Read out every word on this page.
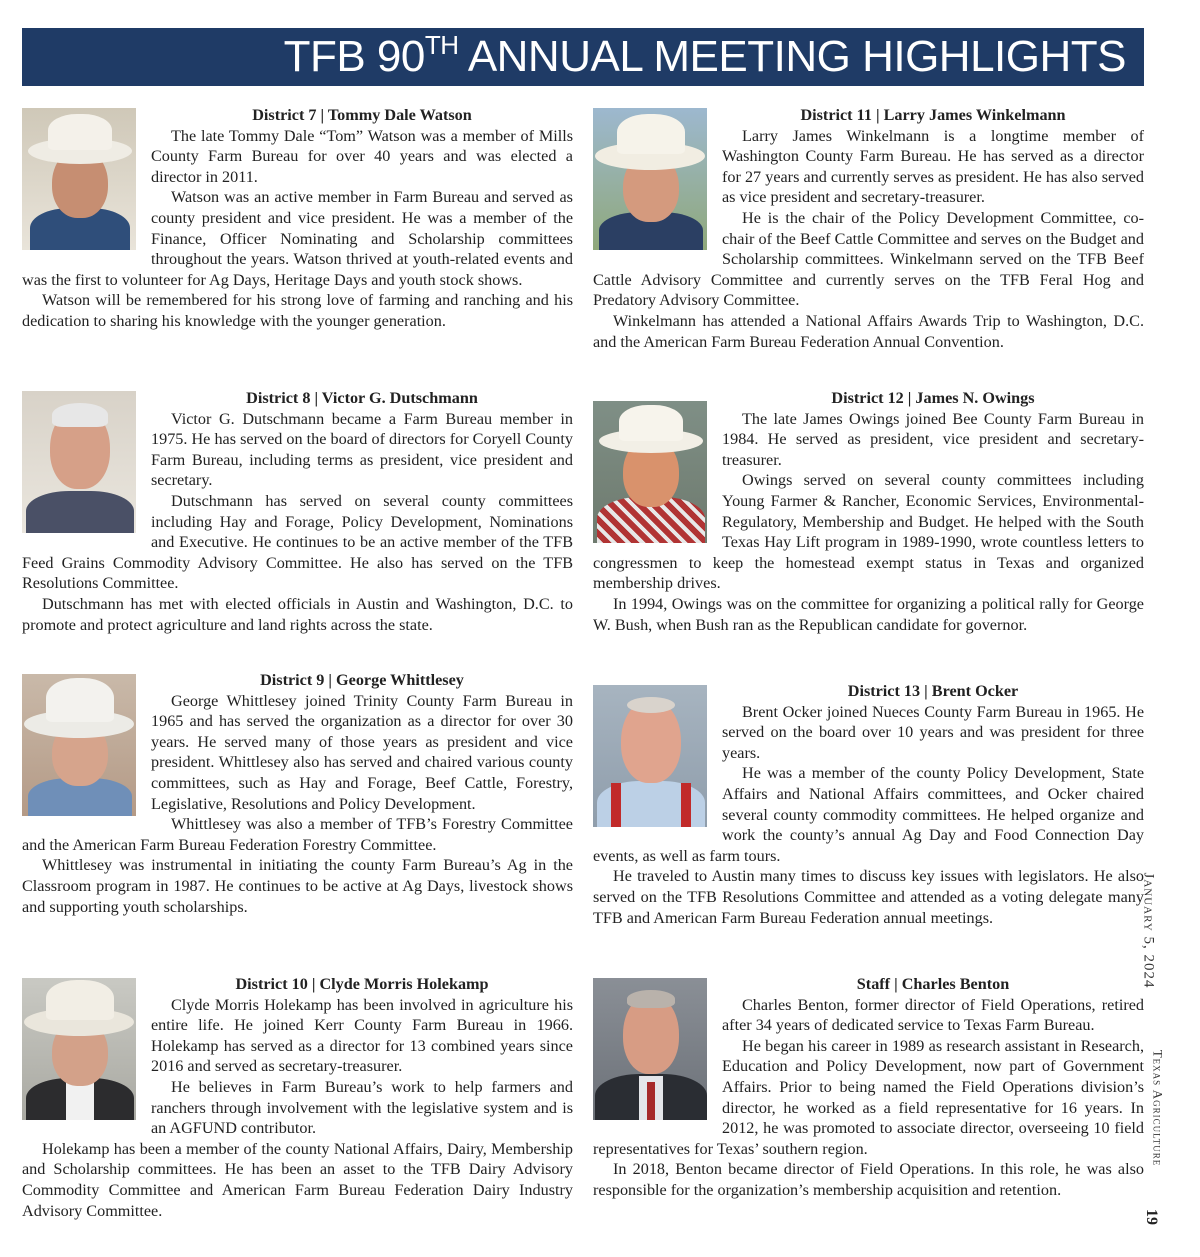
TFB 90TH ANNUAL MEETING HIGHLIGHTS
District 7 | Tommy Dale Watson

The late Tommy Dale “Tom” Watson was a member of Mills County Farm Bureau for over 40 years and was elected a director in 2011.

Watson was an active member in Farm Bureau and served as county president and vice president. He was a member of the Finance, Officer Nominating and Scholarship committees throughout the years. Watson thrived at youth-related events and was the first to volunteer for Ag Days, Heritage Days and youth stock shows.

Watson will be remembered for his strong love of farming and ranching and his dedication to sharing his knowledge with the younger generation.

District 11 | Larry James Winkelmann

Larry James Winkelmann is a longtime member of Washington County Farm Bureau. He has served as a director for 27 years and currently serves as president. He has also served as vice president and secretary-treasurer.

He is the chair of the Policy Development Committee, co-chair of the Beef Cattle Committee and serves on the Budget and Scholarship committees. Winkelmann served on the TFB Beef Cattle Advisory Committee and currently serves on the TFB Feral Hog and Predatory Advisory Committee.

Winkelmann has attended a National Affairs Awards Trip to Washington, D.C. and the American Farm Bureau Federation Annual Convention.

District 8 | Victor G. Dutschmann

Victor G. Dutschmann became a Farm Bureau member in 1975. He has served on the board of directors for Coryell County Farm Bureau, including terms as president, vice president and secretary.

Dutschmann has served on several county committees including Hay and Forage, Policy Development, Nominations and Executive. He continues to be an active member of the TFB Feed Grains Commodity Advisory Committee. He also has served on the TFB Resolutions Committee.

Dutschmann has met with elected officials in Austin and Washington, D.C. to promote and protect agriculture and land rights across the state.

District 12 | James N. Owings

The late James Owings joined Bee County Farm Bureau in 1984. He served as president, vice president and secretary-treasurer.

Owings served on several county committees including Young Farmer & Rancher, Economic Services, Environmental-Regulatory, Membership and Budget. He helped with the South Texas Hay Lift program in 1989-1990, wrote countless letters to congressmen to keep the homestead exempt status in Texas and organized membership drives.

In 1994, Owings was on the committee for organizing a political rally for George W. Bush, when Bush ran as the Republican candidate for governor.

District 9 | George Whittlesey

George Whittlesey joined Trinity County Farm Bureau in 1965 and has served the organization as a director for over 30 years. He served many of those years as president and vice president. Whittlesey also has served and chaired various county committees, such as Hay and Forage, Beef Cattle, Forestry, Legislative, Resolutions and Policy Development.

Whittlesey was also a member of TFB’s Forestry Committee and the American Farm Bureau Federation Forestry Committee.

Whittlesey was instrumental in initiating the county Farm Bureau’s Ag in the Classroom program in 1987. He continues to be active at Ag Days, livestock shows and supporting youth scholarships.

District 13 | Brent Ocker

Brent Ocker joined Nueces County Farm Bureau in 1965. He served on the board over 10 years and was president for three years.

He was a member of the county Policy Development, State Affairs and National Affairs committees, and Ocker chaired several county commodity committees. He helped organize and work the county’s annual Ag Day and Food Connection Day events, as well as farm tours.

He traveled to Austin many times to discuss key issues with legislators. He also served on the TFB Resolutions Committee and attended as a voting delegate many TFB and American Farm Bureau Federation annual meetings.

District 10 | Clyde Morris Holekamp

Clyde Morris Holekamp has been involved in agriculture his entire life. He joined Kerr County Farm Bureau in 1966. Holekamp has served as a director for 13 combined years since 2016 and served as secretary-treasurer.

He believes in Farm Bureau’s work to help farmers and ranchers through involvement with the legislative system and is an AGFUND contributor.

Holekamp has been a member of the county National Affairs, Dairy, Membership and Scholarship committees. He has been an asset to the TFB Dairy Advisory Commodity Committee and American Farm Bureau Federation Dairy Industry Advisory Committee.

Staff | Charles Benton

Charles Benton, former director of Field Operations, retired after 34 years of dedicated service to Texas Farm Bureau.

He began his career in 1989 as research assistant in Research, Education and Policy Development, now part of Government Affairs. Prior to being named the Field Operations division’s director, he worked as a field representative for 16 years. In 2012, he was promoted to associate director, overseeing 10 field representatives for Texas’ southern region.

In 2018, Benton became director of Field Operations. In this role, he was also responsible for the organization’s membership acquisition and retention.

January 5, 2024
Texas Agriculture
19
